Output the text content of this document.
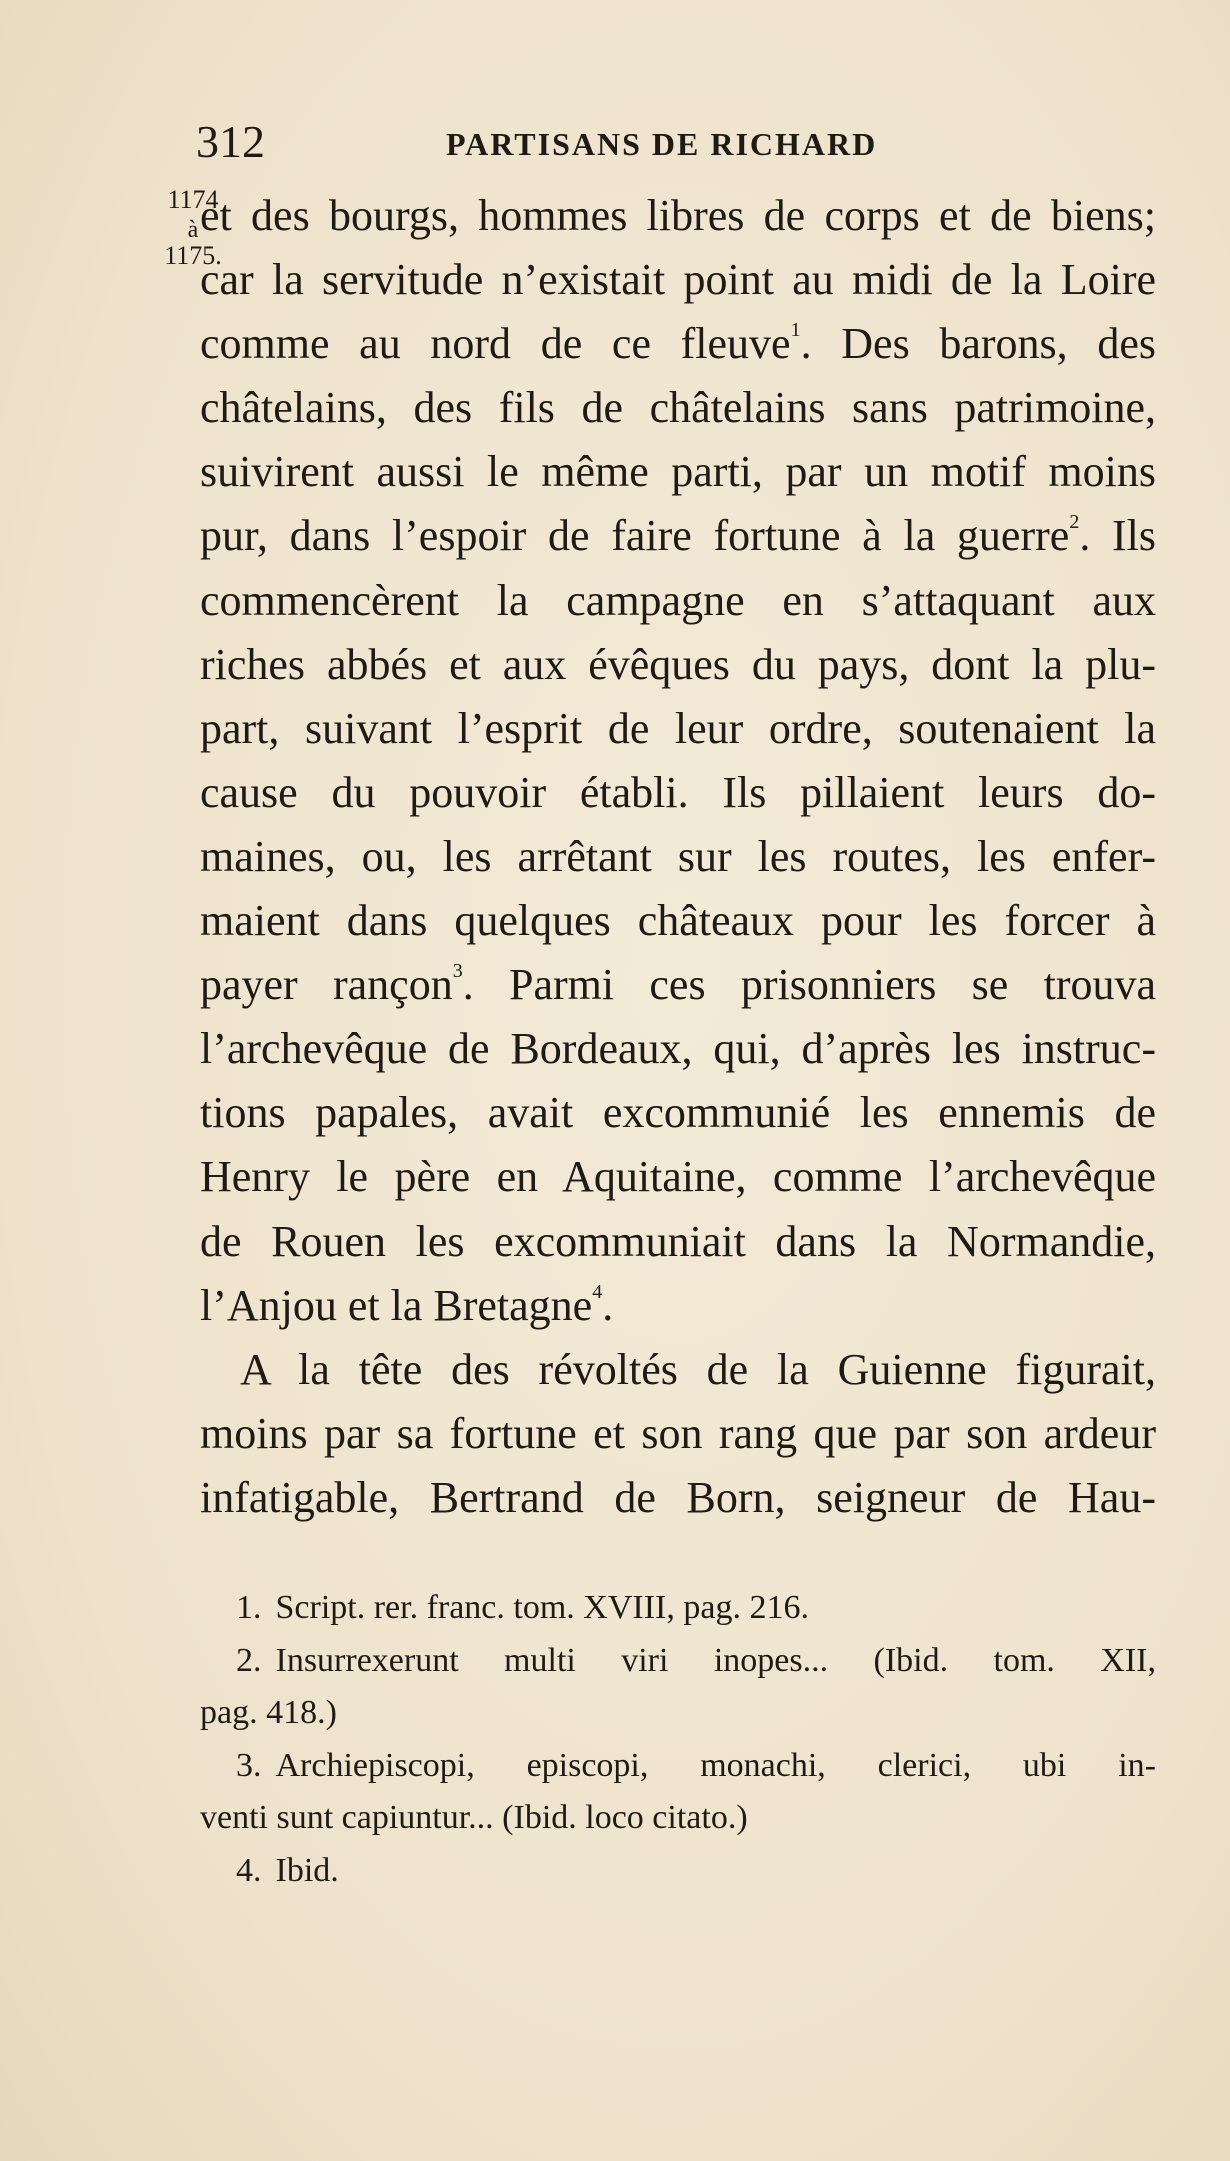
312	PARTISANS DE RICHARD
1174
à
1175.
et des bourgs, hommes libres de corps et de biens;
car la servitude n’existait point au midi de la Loire
comme au nord de ce fleuve$^1$. Des barons, des
châtelains, des fils de châtelains sans patrimoine,
suivirent aussi le même parti, par un motif moins
pur, dans l’espoir de faire fortune à la guerre$^2$. Ils
commencèrent la campagne en s’attaquant aux
riches abbés et aux évêques du pays, dont la plu-
part, suivant l’esprit de leur ordre, soutenaient la
cause du pouvoir établi. Ils pillaient leurs do-
maines, ou, les arrêtant sur les routes, les enfer-
maient dans quelques châteaux pour les forcer à
payer rançon$^3$. Parmi ces prisonniers se trouva
l’archevêque de Bordeaux, qui, d’après les instruc-
tions papales, avait excommunié les ennemis de
Henry le père en Aquitaine, comme l’archevêque
de Rouen les excommuniait dans la Normandie,
l’Anjou et la Bretagne$^4$.
A la tête des révoltés de la Guienne figurait,
moins par sa fortune et son rang que par son ardeur
infatigable, Bertrand de Born, seigneur de Hau-
1. Script. rer. franc. tom. XVIII, pag. 216.
2. Insurrexerunt multi viri inopes... (Ibid. tom. XII,
pag. 418.)
3. Archiepiscopi, episcopi, monachi, clerici, ubi in-
venti sunt capiuntur... (Ibid. loco citato.)
4. Ibid.
